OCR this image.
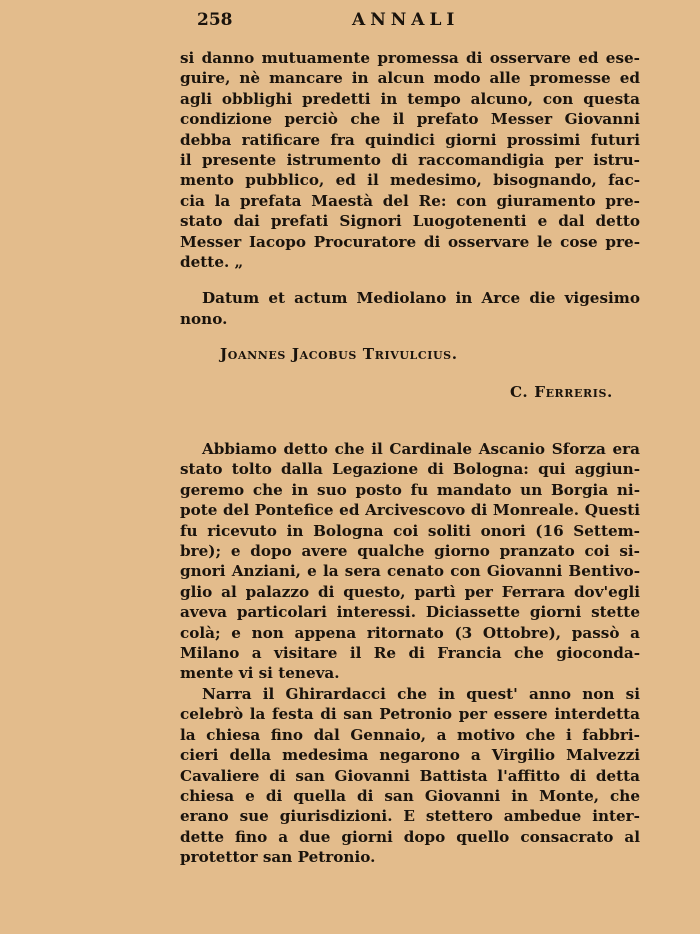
258	ANNALI
si danno mutuamente promessa di osservare ed ese-
guire, nè mancare in alcun modo alle promesse ed
agli obblighi predetti in tempo alcuno, con questa
condizione perciò che il prefato Messer Giovanni
debba ratificare fra quindici giorni prossimi futuri
il presente istrumento di raccomandigia per istru-
mento pubblico, ed il medesimo, bisognando, fac-
cia la prefata Maestà del Re: con giuramento pre-
stato dai prefati Signori Luogotenenti e dal detto
Messer Iacopo Procuratore di osservare le cose pre-
dette. „
Datum et actum Mediolano in Arce die vigesimo
nono.
Joannes Jacobus Trivulcius.
C. Ferreris.
Abbiamo detto che il Cardinale Ascanio Sforza era
stato tolto dalla Legazione di Bologna: qui aggiun-
geremo che in suo posto fu mandato un Borgia ni-
pote del Pontefice ed Arcivescovo di Monreale. Questi
fu ricevuto in Bologna coi soliti onori (16 Settem-
bre); e dopo avere qualche giorno pranzato coi si-
gnori Anziani, e la sera cenato con Giovanni Bentivo-
glio al palazzo di questo, partì per Ferrara dov'egli
aveva particolari interessi. Diciassette giorni stette
colà; e non appena ritornato (3 Ottobre), passò a
Milano a visitare il Re di Francia che gioconda-
mente vi si teneva.
Narra il Ghirardacci che in quest' anno non si
celebrò la festa di san Petronio per essere interdetta
la chiesa fino dal Gennaio, a motivo che i fabbri-
cieri della medesima negarono a Virgilio Malvezzi
Cavaliere di san Giovanni Battista l'affitto di detta
chiesa e di quella di san Giovanni in Monte, che
erano sue giurisdizioni. E stettero ambedue inter-
dette fino a due giorni dopo quello consacrato al
protettor san Petronio.
